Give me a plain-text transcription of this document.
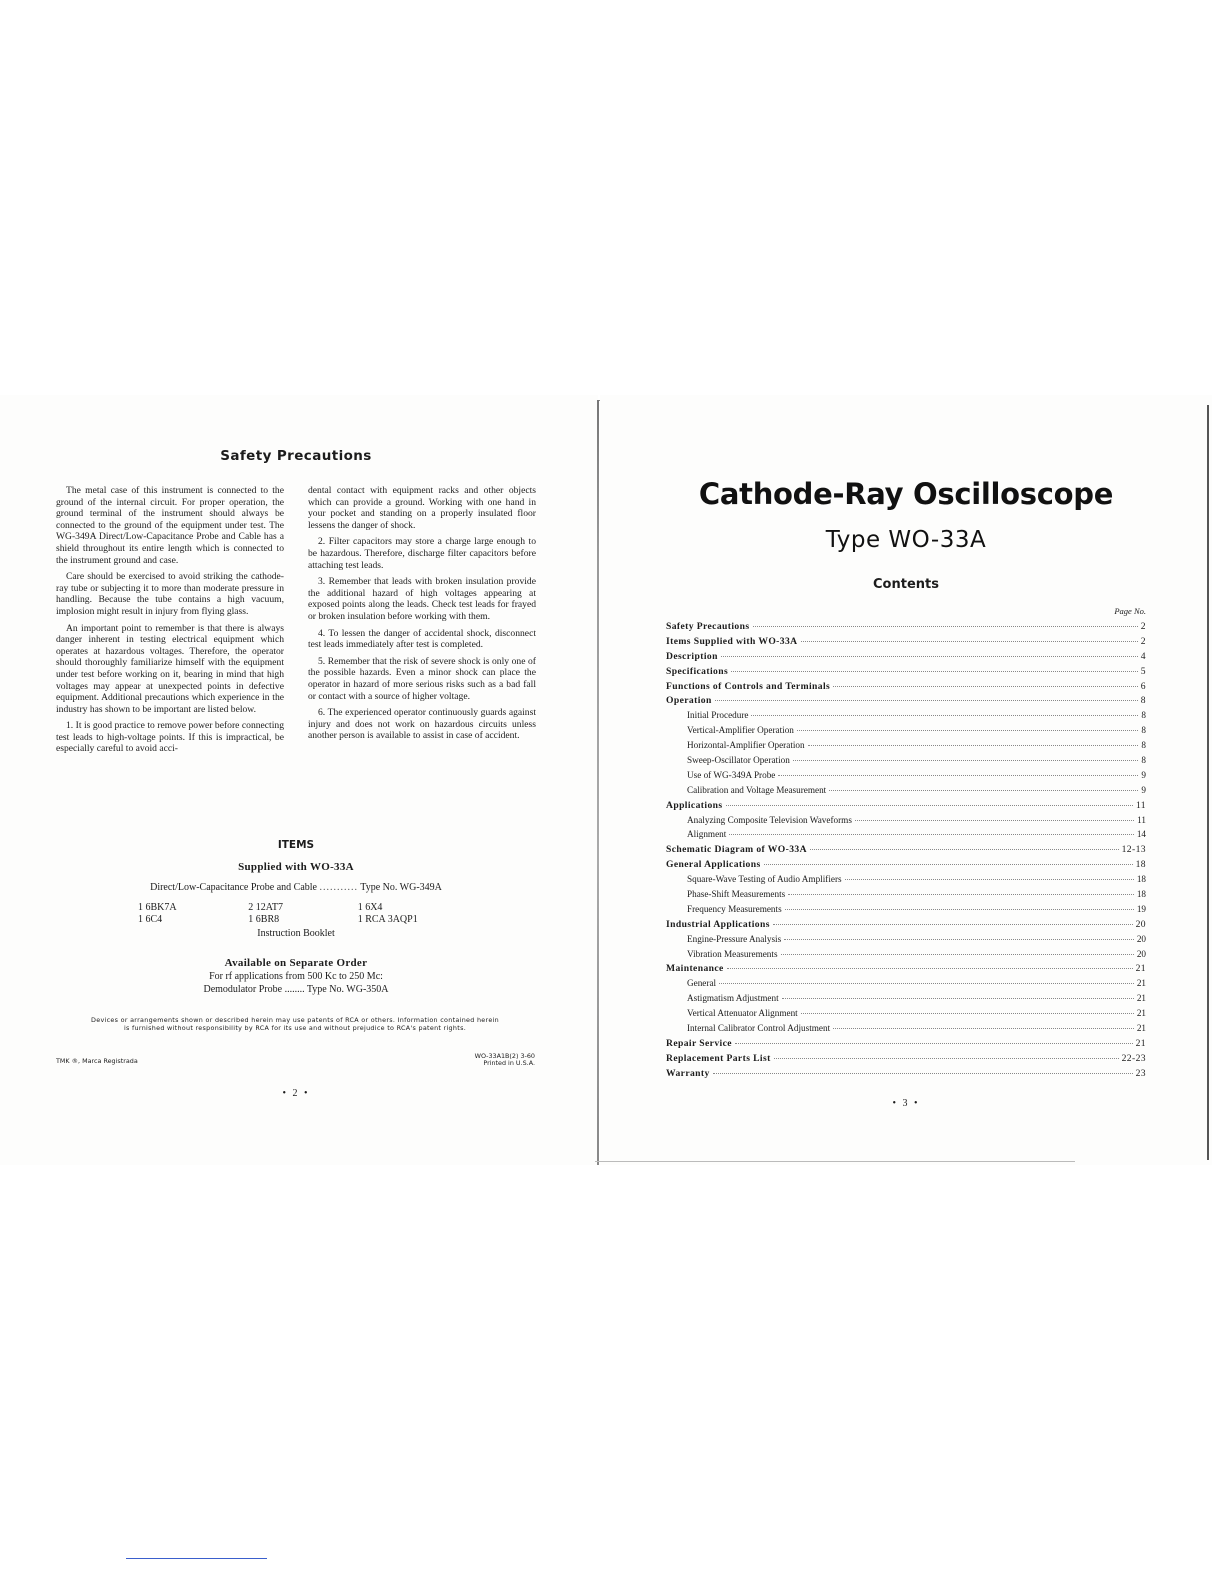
Safety Precautions

The metal case of this instrument is connected to the ground of the internal circuit. For proper operation, the ground terminal of the instrument should always be connected to the ground of the equipment under test. The WG-349A Direct/Low-Capacitance Probe and Cable has a shield throughout its entire length which is connected to the instrument ground and case.

Care should be exercised to avoid striking the cathode-ray tube or subjecting it to more than moderate pressure in handling. Because the tube contains a high vacuum, implosion might result in injury from flying glass.

An important point to remember is that there is always danger inherent in testing electrical equipment which operates at hazardous voltages. Therefore, the operator should thoroughly familiarize himself with the equipment under test before working on it, bearing in mind that high voltages may appear at unexpected points in defective equipment. Additional precautions which experience in the industry has shown to be important are listed below.

1. It is good practice to remove power before connecting test leads to high-voltage points. If this is impractical, be especially careful to avoid acci-

dental contact with equipment racks and other objects which can provide a ground. Working with one hand in your pocket and standing on a properly insulated floor lessens the danger of shock.

2. Filter capacitors may store a charge large enough to be hazardous. Therefore, discharge filter capacitors before attaching test leads.

3. Remember that leads with broken insulation provide the additional hazard of high voltages appearing at exposed points along the leads. Check test leads for frayed or broken insulation before working with them.

4. To lessen the danger of accidental shock, disconnect test leads immediately after test is completed.

5. Remember that the risk of severe shock is only one of the possible hazards. Even a minor shock can place the operator in hazard of more serious risks such as a bad fall or contact with a source of higher voltage.

6. The experienced operator continuously guards against injury and does not work on hazardous circuits unless another person is available to assist in case of accident.

ITEMS
Supplied with WO-33A
Direct/Low-Capacitance Probe and Cable ........... Type No. WG-349A
1 6BK7A	2 12AT7	1 6X4
1 6C4	1 6BR8	1 RCA 3AQP1
Instruction Booklet
Available on Separate Order
For rf applications from 500 Kc to 250 Mc:
Demodulator Probe ........ Type No. WG-350A
Devices or arrangements shown or described herein may use patents of RCA or others. Information contained herein is furnished without responsibility by RCA for its use and without prejudice to RCA's patent rights.
TMK ®, Marca Registrada
WO-33A1B(2) 3-60
Printed in U.S.A.
• 2 •
Cathode-Ray Oscilloscope
Type WO-33A
Contents
Page No.
Safety Precautions	2
Items Supplied with WO-33A	2
Description	4
Specifications	5
Functions of Controls and Terminals	6
Operation	8
Initial Procedure	8
Vertical-Amplifier Operation	8
Horizontal-Amplifier Operation	8
Sweep-Oscillator Operation	8
Use of WG-349A Probe	9
Calibration and Voltage Measurement	9
Applications	11
Analyzing Composite Television Waveforms	11
Alignment	14
Schematic Diagram of WO-33A	12-13
General Applications	18
Square-Wave Testing of Audio Amplifiers	18
Phase-Shift Measurements	18
Frequency Measurements	19
Industrial Applications	20
Engine-Pressure Analysis	20
Vibration Measurements	20
Maintenance	21
General	21
Astigmatism Adjustment	21
Vertical Attenuator Alignment	21
Internal Calibrator Control Adjustment	21
Repair Service	21
Replacement Parts List	22-23
Warranty	23
• 3 •
